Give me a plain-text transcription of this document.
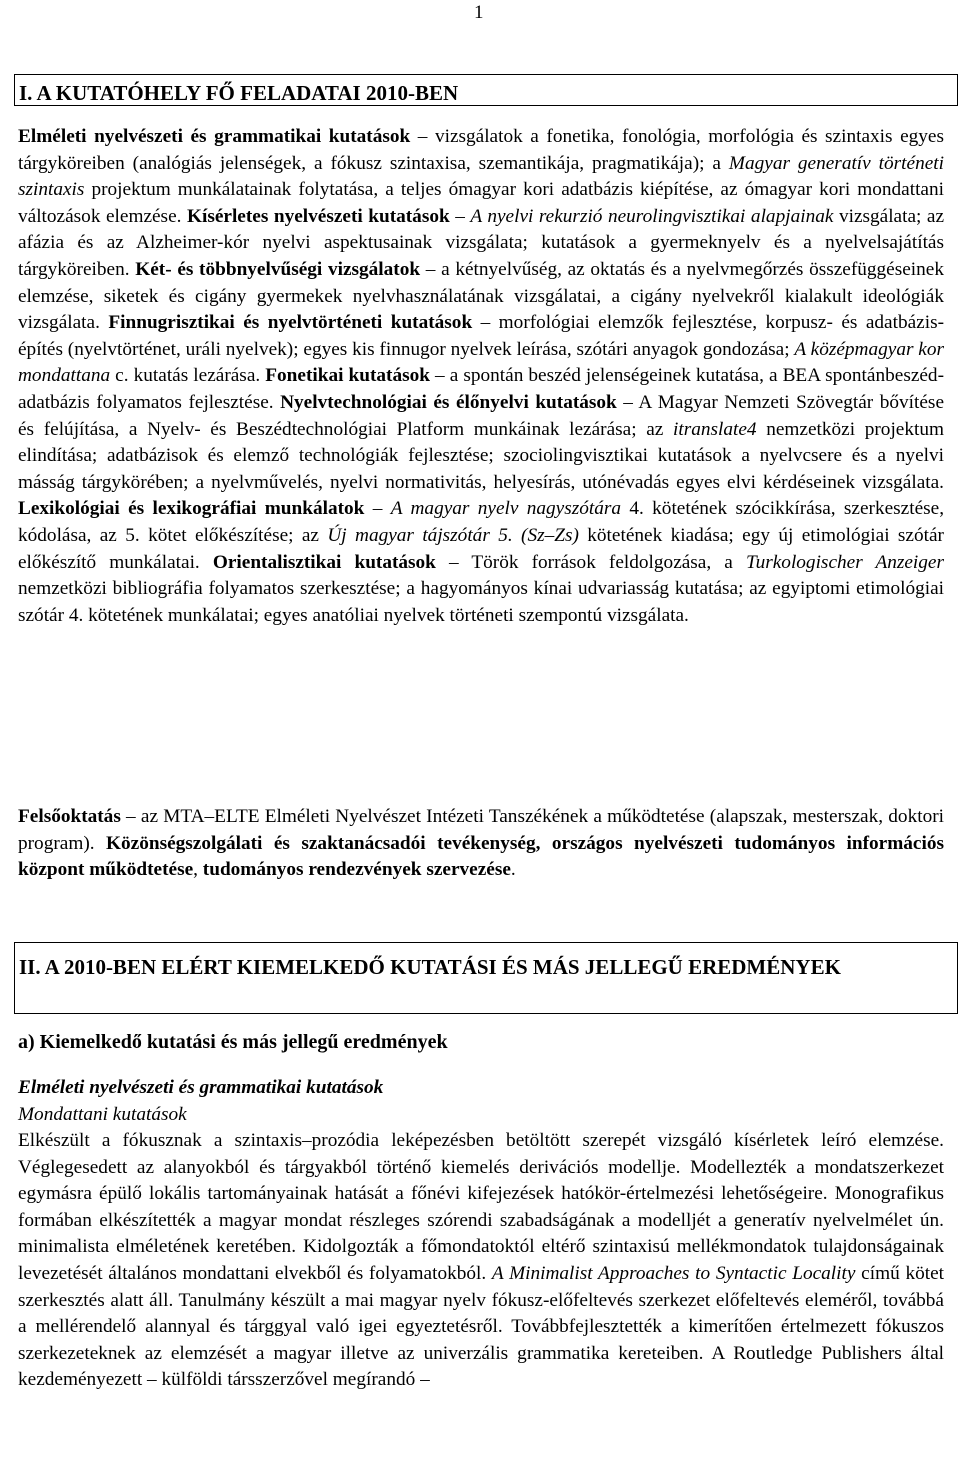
1
I. A KUTATÓHELY FŐ FELADATAI 2010-BEN
Elméleti nyelvészeti és grammatikai kutatások – vizsgálatok a fonetika, fonológia, morfológia és szintaxis egyes tárgyköreiben (analógiás jelenségek, a fókusz szintaxisa, szemantikája, pragmatikája); a Magyar generatív történeti szintaxis projektum munkálatainak folytatása, a teljes ómagyar kori adatbázis kiépítése, az ómagyar kori mondattani változások elemzése. Kísérletes nyelvészeti kutatások – A nyelvi rekurzió neurolingvisztikai alapjainak vizsgálata; az afázia és az Alzheimer-kór nyelvi aspektusainak vizsgálata; kutatások a gyermeknyelv és a nyelvelsajátítás tárgyköreiben. Két- és többnyelvűségi vizsgálatok – a kétnyelvűség, az oktatás és a nyelvmegőrzés összefüggéseinek elemzése, siketek és cigány gyermekek nyelvhasználatának vizsgálatai, a cigány nyelvekről kialakult ideológiák vizsgálata. Finnugrisztikai és nyelvtörténeti kutatások – morfológiai elemzők fejlesztése, korpusz- és adatbázis-építés (nyelvtörténet, uráli nyelvek); egyes kis finnugor nyelvek leírása, szótári anyagok gondozása; A középmagyar kor mondattana c. kutatás lezárása. Fonetikai kutatások – a spontán beszéd jelenségeinek kutatása, a BEA spontánbeszéd-adatbázis folyamatos fejlesztése. Nyelvtechnológiai és élőnyelvi kutatások – A Magyar Nemzeti Szövegtár bővítése és felújítása, a Nyelv- és Beszédtechnológiai Platform munkáinak lezárása; az itranslate4 nemzetközi projektum elindítása; adatbázisok és elemző technológiák fejlesztése; szociolingvisztikai kutatások a nyelvcsere és a nyelvi másság tárgykörében; a nyelvművelés, nyelvi normativitás, helyesírás, utónévadás egyes elvi kérdéseinek vizsgálata. Lexikológiai és lexikográfiai munkálatok – A magyar nyelv nagyszótára 4. kötetének szócikkírása, szerkesztése, kódolása, az 5. kötet előkészítése; az Új magyar tájszótár 5. (Sz–Zs) kötetének kiadása; egy új etimológiai szótár előkészítő munkálatai. Orientalisztikai kutatások – Török források feldolgozása, a Turkologischer Anzeiger nemzetközi bibliográfia folyamatos szerkesztése; a hagyományos kínai udvariasság kutatása; az egyiptomi etimológiai szótár 4. kötetének munkálatai; egyes anatóliai nyelvek történeti szempontú vizsgálata.
Felsőoktatás – az MTA–ELTE Elméleti Nyelvészet Intézeti Tanszékének a működtetése (alapszak, mesterszak, doktori program). Közönségszolgálati és szaktanácsadói tevékenység, országos nyelvészeti tudományos információs központ működtetése, tudományos rendezvények szervezése.
II. A 2010-BEN ELÉRT KIEMELKEDŐ KUTATÁSI ÉS MÁS JELLEGŰ EREDMÉNYEK
a) Kiemelkedő kutatási és más jellegű eredmények
Elméleti nyelvészeti és grammatikai kutatások
Mondattani kutatások
Elkészült a fókusznak a szintaxis–prozódia leképezésben betöltött szerepét vizsgáló kísérletek leíró elemzése. Véglegesedett az alanyokból és tárgyakból történő kiemelés derivációs modellje. Modellezték a mondatszerkezet egymásra épülő lokális tartományainak hatását a főnévi kifejezések hatókör-értelmezési lehetőségeire. Monografikus formában elkészítették a magyar mondat részleges szórendi szabadságának a modelljét a generatív nyelvelmélet ún. minimalista elméletének keretében. Kidolgozták a főmondatoktól eltérő szintaxisú mellékmondatok tulajdonságainak levezetését általános mondattani elvekből és folyamatokból. A Minimalist Approaches to Syntactic Locality című kötet szerkesztés alatt áll. Tanulmány készült a mai magyar nyelv fókusz-előfeltevés szerkezet előfeltevés eleméről, továbbá a mellérendelő alannyal és tárggyal való igei egyeztetésről. Továbbfejlesztették a kimerítően értelmezett fókuszos szerkezeteknek az elemzését a magyar illetve az univerzális grammatika kereteiben. A Routledge Publishers által kezdeményezett – külföldi társszerzővel megírandó –
